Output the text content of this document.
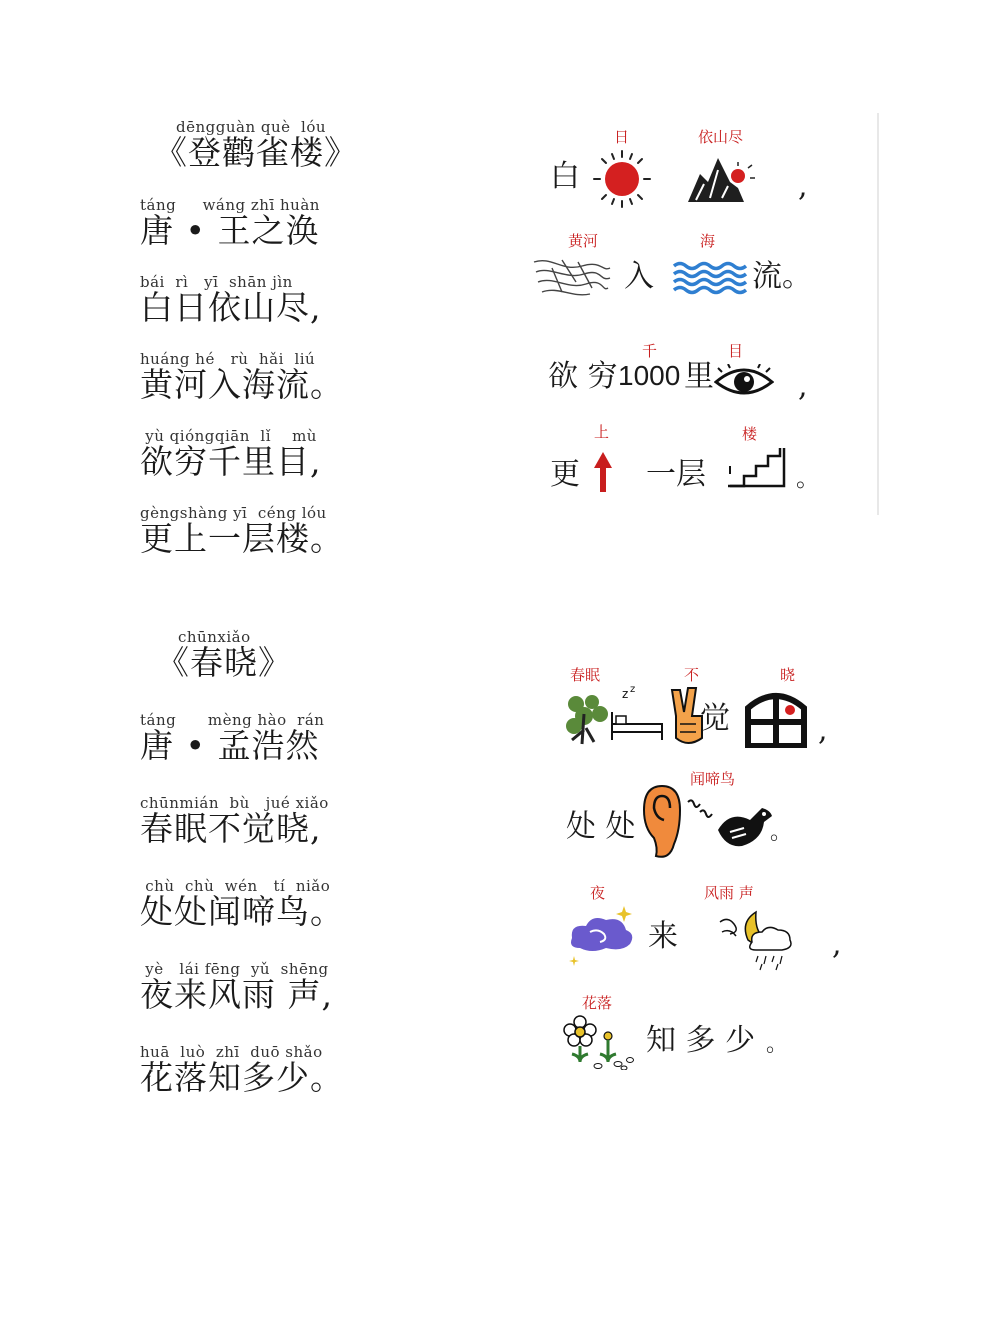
dēngguàn què  lóu
《登鹳雀楼》
táng     wáng zhī huàn
唐 • 王之涣
bái  rì   yī  shān jìn
白日依山尽,
huáng hé   rù  hǎi  liú
黄河入海流。
yù qióngqiān  lǐ    mù
欲穷千里目,
gèngshàng yī  céng lóu
更上一层楼。
chūnxiǎo
《春晓》
táng      mèng hào  rán
唐 • 孟浩然
chūnmián  bù   jué xiǎo
春眠不觉晓,
chù  chù  wén   tí  niǎo
处处闻啼鸟。
yè   lái fēng  yǔ  shēng
夜来风雨 声,
huā  luò  zhī  duō shǎo
花落知多少。
日	依山尽
白	,
黄河	海
入	流。
千	目
欲 穷 1000 里	,
上	楼
更 一层	。
春眠	不	晓
z z
觉	,
闻啼鸟
处 处	。
夜	风雨 声
来	,
花落
知 多 少 。
